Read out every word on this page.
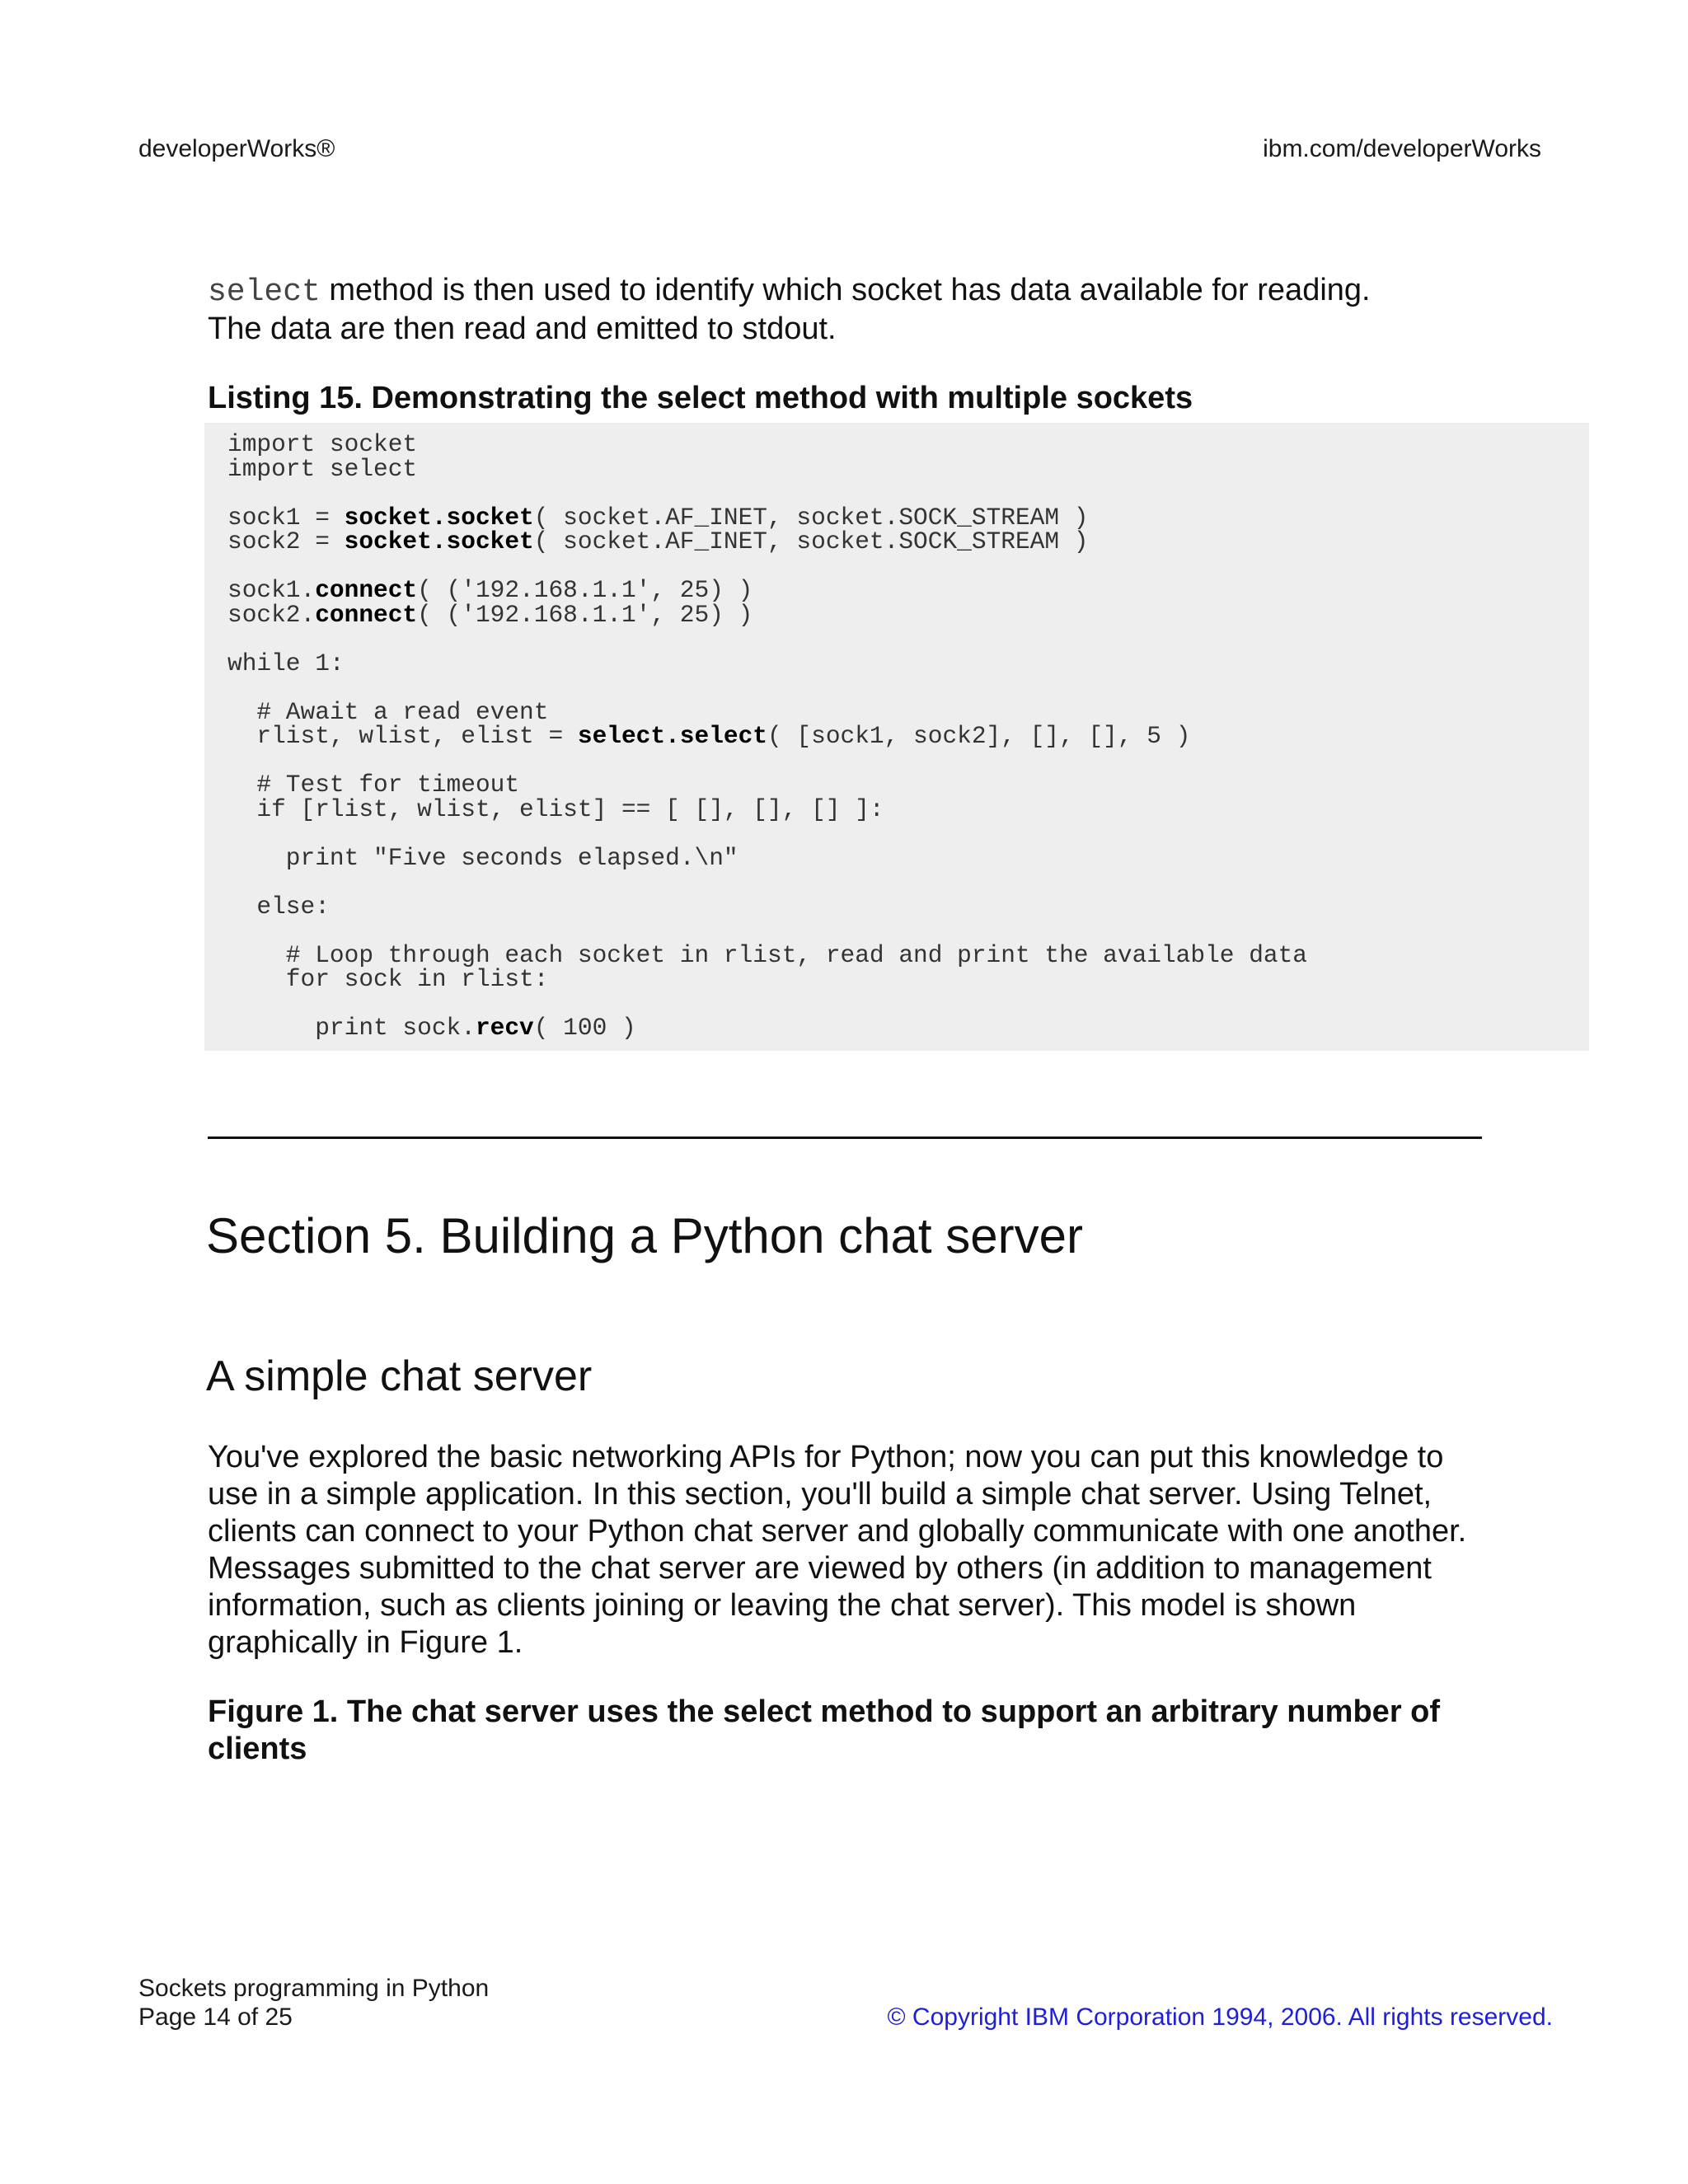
developerWorks®	ibm.com/developerWorks

select method is then used to identify which socket has data available for reading.
The data are then read and emitted to stdout.

Listing 15. Demonstrating the select method with multiple sockets
import socket
import select
sock1 = socket.socket( socket.AF_INET, socket.SOCK_STREAM )
sock2 = socket.socket( socket.AF_INET, socket.SOCK_STREAM )
sock1.connect( ('192.168.1.1', 25) )
sock2.connect( ('192.168.1.1', 25) )
while 1:
# Await a read event
rlist, wlist, elist = select.select( [sock1, sock2], [], [], 5 )
# Test for timeout
if [rlist, wlist, elist] == [ [], [], [] ]:
print "Five seconds elapsed.\n"
else:
# Loop through each socket in rlist, read and print the available data
for sock in rlist:
print sock.recv( 100 )
Section 5. Building a Python chat server
A simple chat server

You've explored the basic networking APIs for Python; now you can put this knowledge to use in a simple application. In this section, you'll build a simple chat server. Using Telnet, clients can connect to your Python chat server and globally communicate with one another. Messages submitted to the chat server are viewed by others (in addition to management information, such as clients joining or leaving the chat server). This model is shown graphically in Figure 1.

Figure 1. The chat server uses the select method to support an arbitrary number of clients
Sockets programming in Python
Page 14 of 25	© Copyright IBM Corporation 1994, 2006. All rights reserved.
